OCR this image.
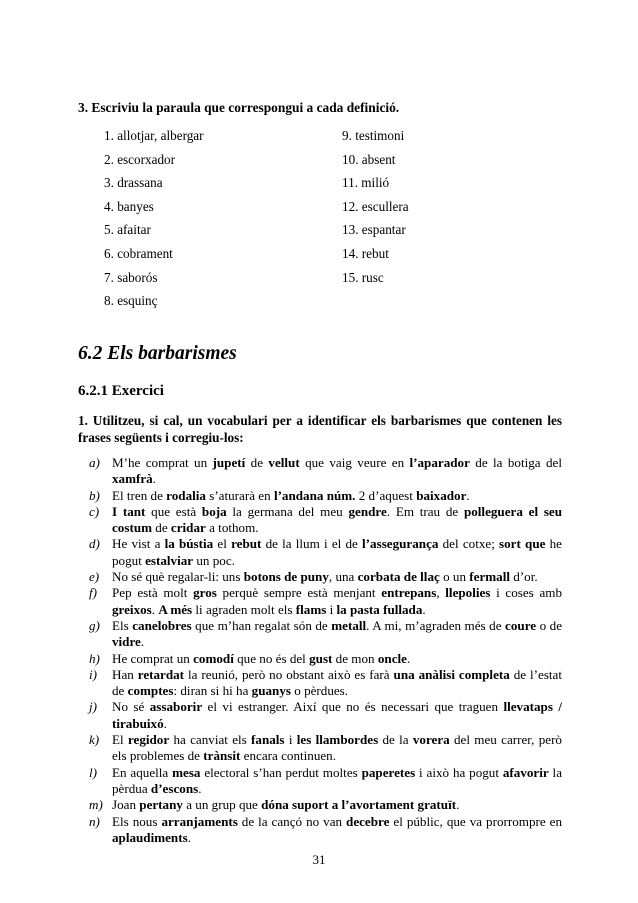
3. Escriviu la paraula que correspongui a cada definició.
1. allotjar, albergar	9. testimoni
2. escorxador	10. absent
3. drassana	11. milió
4. banyes	12. escullera
5. afaitar	13. espantar
6. cobrament	14. rebut
7. saborós	15. rusc
8. esquinç
6.2 Els barbarismes
6.2.1 Exercici
1. Utilitzeu, si cal, un vocabulari per a identificar els barbarismes que contenen les frases següents i corregiu-los:
a) M’he comprat un jupetí de vellut que vaig veure en l’aparador de la botiga del xamfrà.
b) El tren de rodalia s’aturarà en l’andana núm. 2 d’aquest baixador.
c) I tant que està boja la germana del meu gendre. Em trau de polleguera el seu costum de cridar a tothom.
d) He vist a la bústia el rebut de la llum i el de l’assegurança del cotxe; sort que he pogut estalviar un poc.
e) No sé què regalar-li: uns botons de puny, una corbata de llaç o un fermall d’or.
f) Pep està molt gros perquè sempre està menjant entrepans, llepolies i coses amb greixos. A més li agraden molt els flams i la pasta fullada.
g) Els canelobres que m’han regalat són de metall. A mi, m’agraden més de coure o de vidre.
h) He comprat un comodí que no és del gust de mon oncle.
i) Han retardat la reunió, però no obstant això es farà una anàlisi completa de l’estat de comptes: diran si hi ha guanys o pèrdues.
j) No sé assaborir el vi estranger. Així que no és necessari que traguen llevataps / tirabuixó.
k) El regidor ha canviat els fanals i les llambordes de la vorera del meu carrer, però els problemes de trànsit encara continuen.
l) En aquella mesa electoral s’han perdut moltes paperetes i això ha pogut afavorir la pèrdua d’escons.
m) Joan pertany a un grup que dóna suport a l’avortament gratuït.
n) Els nous arranjaments de la cançó no van decebre el públic, que va prorrompre en aplaudiments.
31
